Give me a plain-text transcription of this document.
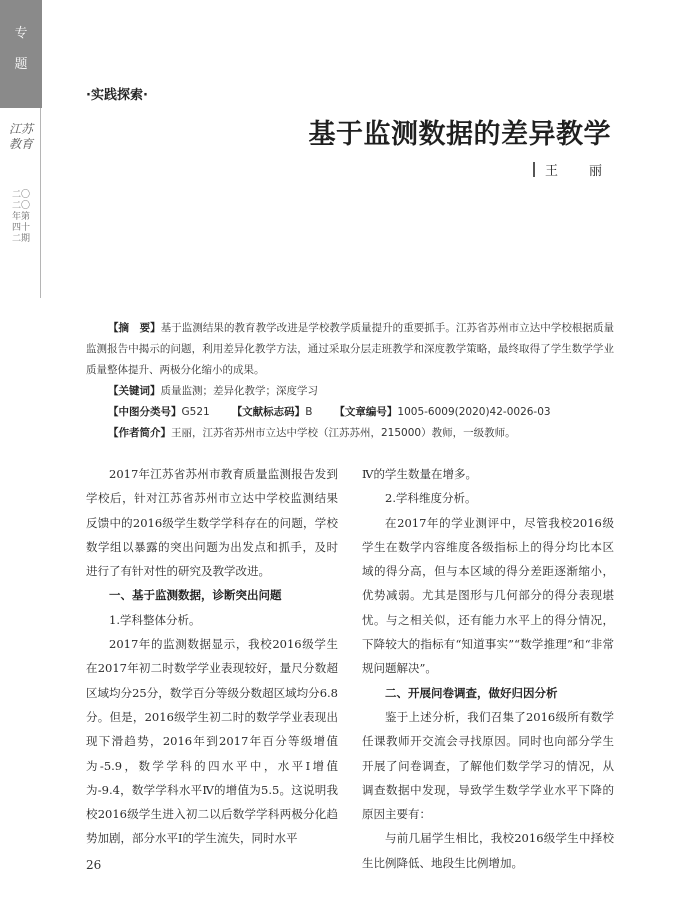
专
题
江苏教育
二〇二〇年第四十二期
·实践探索·
基于监测数据的差异教学
王　丽

【摘　要】基于监测结果的教育教学改进是学校教学质量提升的重要抓手。江苏省苏州市立达中学校根据质量监测报告中揭示的问题，利用差异化教学方法，通过采取分层走班教学和深度教学策略，最终取得了学生数学学业质量整体提升、两极分化缩小的成果。

【关键词】质量监测；差异化教学；深度学习

【中图分类号】G521 【文献标志码】B 【文章编号】1005-6009(2020)42-0026-03

【作者简介】王丽，江苏省苏州市立达中学校（江苏苏州，215000）教师，一级教师。

2017年江苏省苏州市教育质量监测报告发到学校后，针对江苏省苏州市立达中学校监测结果反馈中的2016级学生数学学科存在的问题，学校数学组以暴露的突出问题为出发点和抓手，及时进行了有针对性的研究及教学改进。

一、基于监测数据，诊断突出问题

1.学科整体分析。

2017年的监测数据显示，我校2016级学生在2017年初二时数学学业表现较好，量尺分数超区域均分25分，数学百分等级分数超区域均分6.8分。但是，2016级学生初二时的数学学业表现出现下滑趋势，2016年到2017年百分等级增值为-5.9，数学学科的四水平中，水平Ⅰ增值为-9.4，数学学科水平Ⅳ的增值为5.5。这说明我校2016级学生进入初二以后数学学科两极分化趋势加剧，部分水平Ⅰ的学生流失，同时水平

Ⅳ的学生数量在增多。

2.学科维度分析。

在2017年的学业测评中，尽管我校2016级学生在数学内容维度各级指标上的得分均比本区域的得分高，但与本区域的得分差距逐渐缩小，优势减弱。尤其是图形与几何部分的得分表现堪忧。与之相关似，还有能力水平上的得分情况，下降较大的指标有“知道事实”“数学推理”和“非常规问题解决”。

二、开展问卷调查，做好归因分析

鉴于上述分析，我们召集了2016级所有数学任课教师开交流会寻找原因。同时也向部分学生开展了问卷调查，了解他们数学学习的情况，从调查数据中发现，导致学生数学学业水平下降的原因主要有：

与前几届学生相比，我校2016级学生中择校生比例降低、地段生比例增加。

26
